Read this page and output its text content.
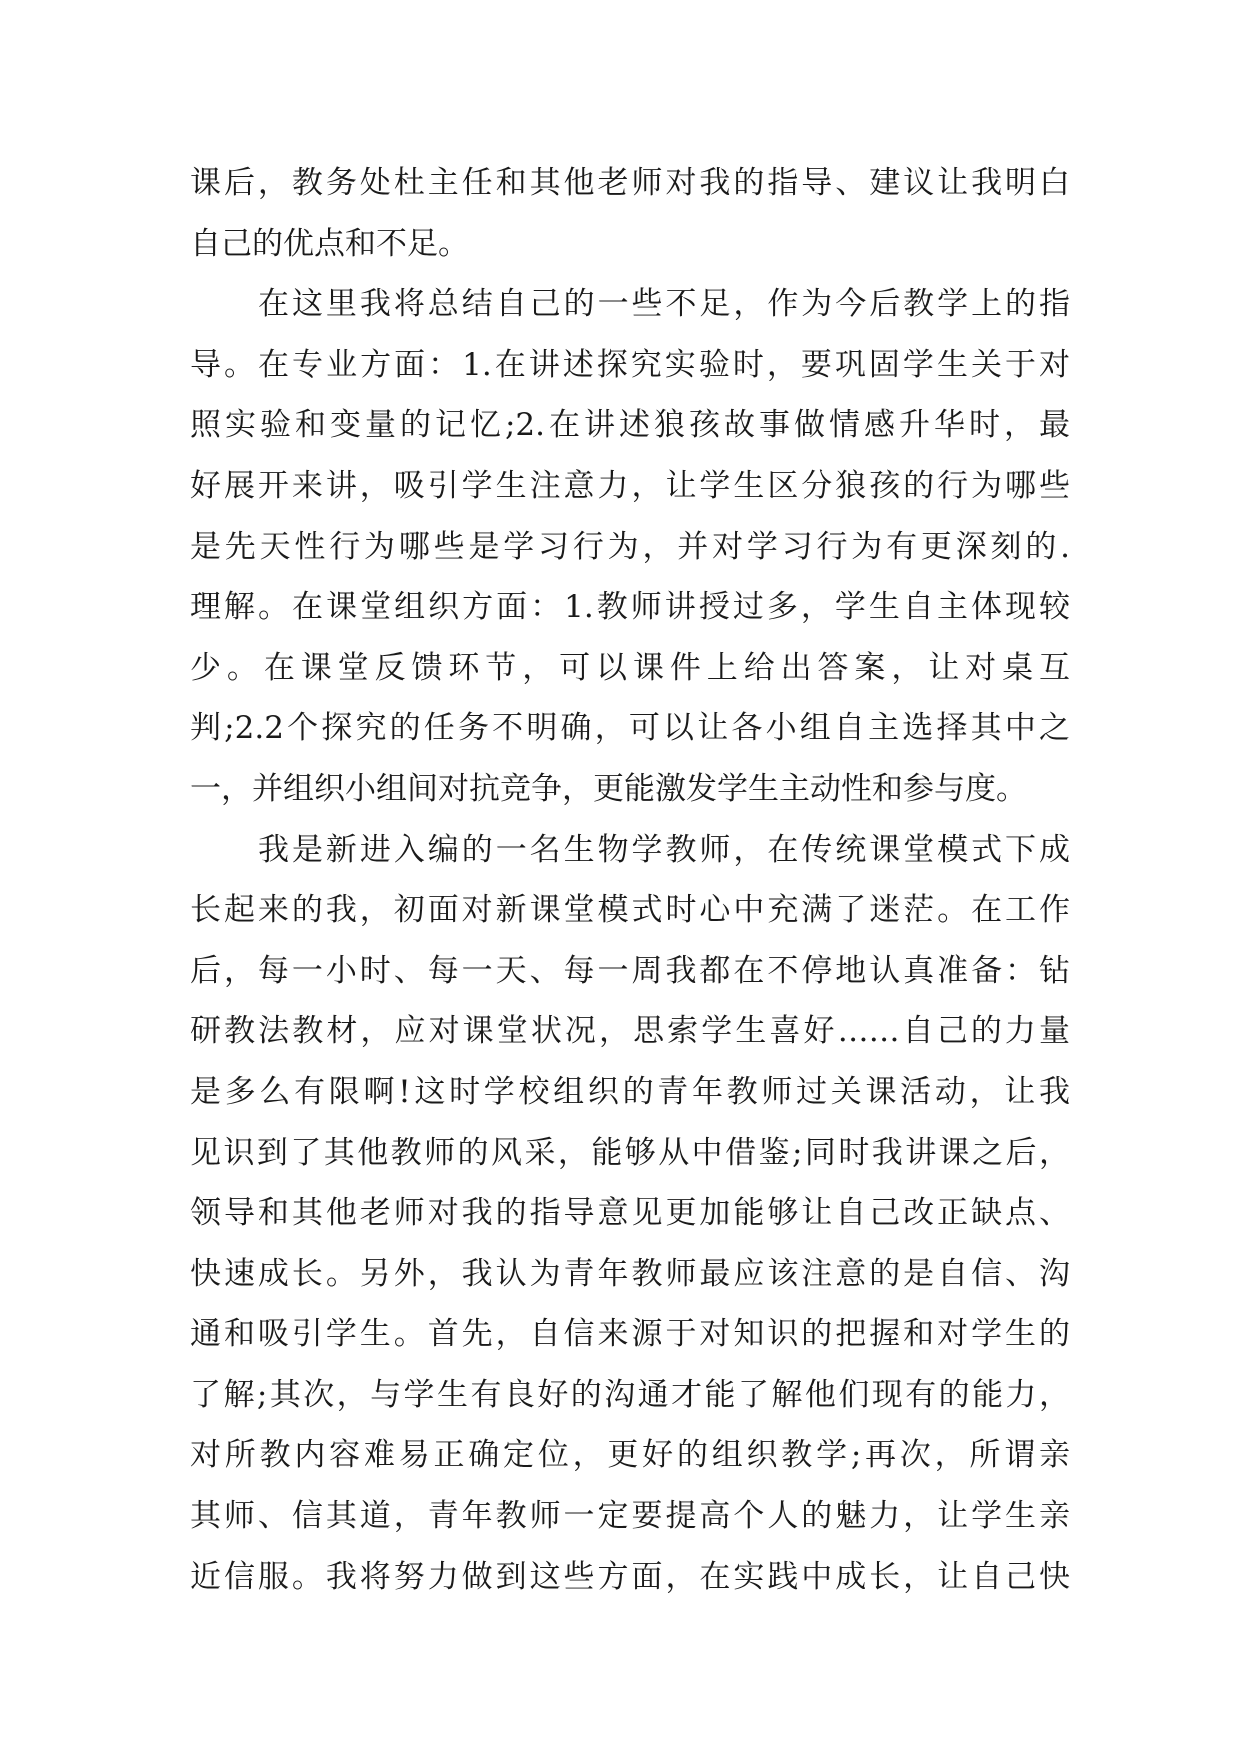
课后，教务处杜主任和其他老师对我的指导、建议让我明白
自己的优点和不足。
在这里我将总结自己的一些不足，作为今后教学上的指
导。在专业方面：1.在讲述探究实验时，要巩固学生关于对
照实验和变量的记忆;2.在讲述狼孩故事做情感升华时，最
好展开来讲，吸引学生注意力，让学生区分狼孩的行为哪些
是先天性行为哪些是学习行为，并对学习行为有更深刻的.
理解。在课堂组织方面：1.教师讲授过多，学生自主体现较
少。在课堂反馈环节，可以课件上给出答案，让对桌互
判;2.2个探究的任务不明确，可以让各小组自主选择其中之
一，并组织小组间对抗竞争，更能激发学生主动性和参与度。
我是新进入编的一名生物学教师，在传统课堂模式下成
长起来的我，初面对新课堂模式时心中充满了迷茫。在工作
后，每一小时、每一天、每一周我都在不停地认真准备：钻
研教法教材，应对课堂状况，思索学生喜好……自己的力量
是多么有限啊!这时学校组织的青年教师过关课活动，让我
见识到了其他教师的风采，能够从中借鉴;同时我讲课之后，
领导和其他老师对我的指导意见更加能够让自己改正缺点、
快速成长。另外，我认为青年教师最应该注意的是自信、沟
通和吸引学生。首先，自信来源于对知识的把握和对学生的
了解;其次，与学生有良好的沟通才能了解他们现有的能力，
对所教内容难易正确定位，更好的组织教学;再次，所谓亲
其师、信其道，青年教师一定要提高个人的魅力，让学生亲
近信服。我将努力做到这些方面，在实践中成长，让自己快
